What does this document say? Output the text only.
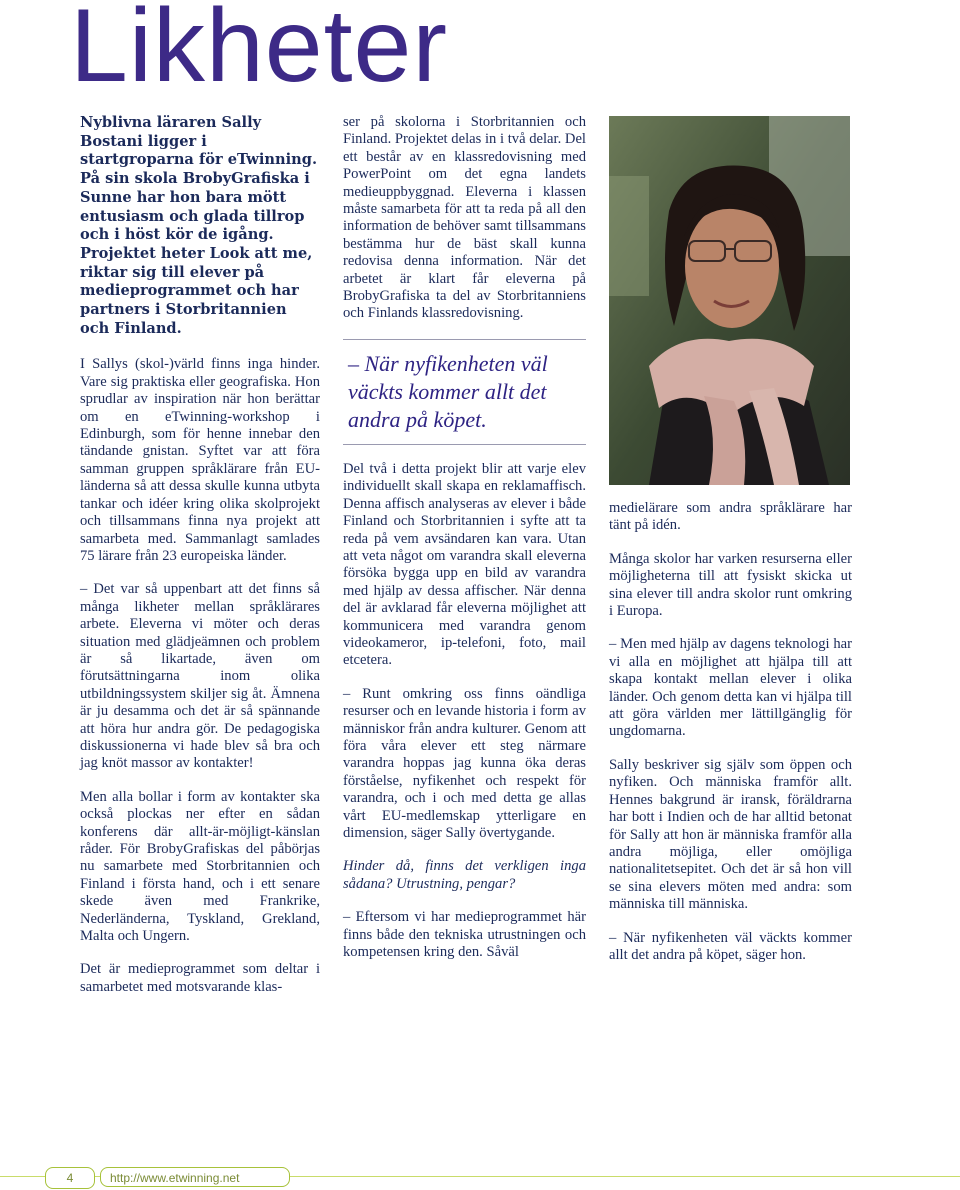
Likheter

Nyblivna läraren Sally Bostani ligger i startgroparna för eTwinning. På sin skola BrobyGrafiska i Sunne har hon bara mött entusiasm och glada tillrop och i höst kör de igång. Projektet heter Look att me, riktar sig till elever på medieprogrammet och har partners i Storbritannien och Finland.

I Sallys (skol-)värld finns inga hinder. Vare sig praktiska eller geografiska. Hon sprudlar av inspiration när hon berättar om en eTwinning-workshop i Edinburgh, som för henne innebar den tändande gnistan. Syftet var att föra samman gruppen språklärare från EU-länderna så att dessa skulle kunna utbyta tankar och idéer kring olika skolprojekt och tillsammans finna nya projekt att samarbeta med. Sammanlagt samlades 75 lärare från 23 europeiska länder.

– Det var så uppenbart att det finns så många likheter mellan språklärares arbete. Eleverna vi möter och deras situation med glädjeämnen och problem är så likartade, även om förutsättningarna inom olika utbildningssystem skiljer sig åt. Ämnena är ju desamma och det är så spännande att höra hur andra gör. De pedagogiska diskussionerna vi hade blev så bra och jag knöt massor av kontakter!

Men alla bollar i form av kontakter ska också plockas ner efter en sådan konferens där allt-är-möjligt-känslan råder. För BrobyGrafiskas del påbörjas nu samarbete med Storbritannien och Finland i första hand, och i ett senare skede även med Frankrike, Nederländerna, Tyskland, Grekland, Malta och Ungern.

Det är medieprogrammet som deltar i samarbetet med motsvarande klas-

ser på skolorna i Storbritannien och Finland. Projektet delas in i två delar. Del ett består av en klassredovisning med PowerPoint om det egna landets medieuppbyggnad. Eleverna i klassen måste samarbeta för att ta reda på all den information de behöver samt tillsammans bestämma hur de bäst skall kunna redovisa denna information. När det arbetet är klart får eleverna på BrobyGrafiska ta del av Storbritanniens och Finlands klassredovisning.

– När nyfikenheten väl väckts kommer allt det andra på köpet.

Del två i detta projekt blir att varje elev individuellt skall skapa en reklamaffisch. Denna affisch analyseras av elever i både Finland och Storbritannien i syfte att ta reda på vem avsändaren kan vara. Utan att veta något om varandra skall eleverna försöka bygga upp en bild av varandra med hjälp av dessa affischer. När denna del är avklarad får eleverna möjlighet att kommunicera med varandra genom videokameror, ip-telefoni, foto, mail etcetera.

– Runt omkring oss finns oändliga resurser och en levande historia i form av människor från andra kulturer. Genom att föra våra elever ett steg närmare varandra hoppas jag kunna öka deras förståelse, nyfikenhet och respekt för varandra, och i och med detta ge allas vårt EU-medlemskap ytterligare en dimension, säger Sally övertygande.

Hinder då, finns det verkligen inga sådana? Utrustning, pengar?

– Eftersom vi har medieprogrammet här finns både den tekniska utrustningen och kompetensen kring den. Såväl

medielärare som andra språklärare har tänt på idén.

Många skolor har varken resurserna eller möjligheterna till att fysiskt skicka ut sina elever till andra skolor runt omkring i Europa.

– Men med hjälp av dagens teknologi har vi alla en möjlighet att hjälpa till att skapa kontakt mellan elever i olika länder. Och genom detta kan vi hjälpa till att göra världen mer lättillgänglig för ungdomarna.

Sally beskriver sig själv som öppen och nyfiken. Och människa framför allt. Hennes bakgrund är iransk, föräldrarna har bott i Indien och de har alltid betonat för Sally att hon är människa framför alla andra möjliga, eller omöjliga nationalitetsepitet. Och det är så hon vill se sina elevers möten med andra: som människa till människa.

– När nyfikenheten väl väckts kommer allt det andra på köpet, säger hon.

4	http://www.etwinning.net
